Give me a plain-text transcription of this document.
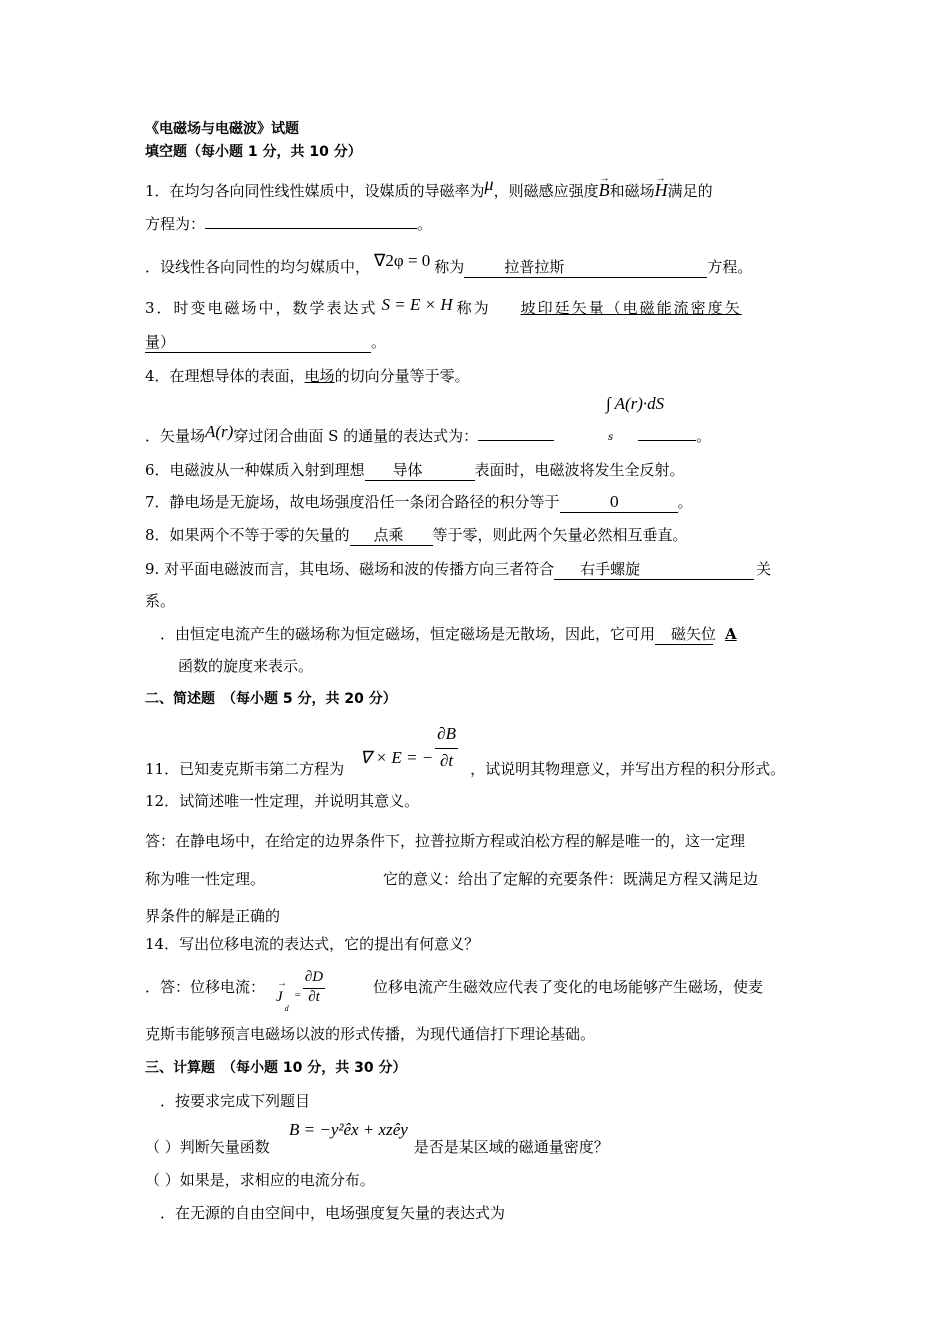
《电磁场与电磁波》试题
填空题（每小题 1 分，共 10 分）
1．在均匀各向同性线性媒质中，设媒质的导磁率为μ，则磁感应强度→ B和磁场→ H满足的
方程为：	。
．设线性各向同性的均匀媒质中， ∇2φ = 0 称为	拉普拉斯	方程。
3．时变电磁场中，数学表达式 S = E × H 称为 坡印廷矢量（电磁能流密度矢
量）	。
4．在理想导体的表面，电场的切向分量等于零。
∫ A(r)·dS
s
．矢量场A(r)穿过闭合曲面 S 的通量的表达式为：	。
6．电磁波从一种媒质入射到理想 导体	表面时，电磁波将发生全反射。
7．静电场是无旋场，故电场强度沿任一条闭合路径的积分等于	0	。
8．如果两个不等于零的矢量的 点乘 等于零，则此两个矢量必然相互垂直。
9. 对平面电磁波而言，其电场、磁场和波的传播方向三者符合 右手螺旋	关
系。
．由恒定电流产生的磁场称为恒定磁场，恒定磁场是无散场，因此，它可用 磁矢位 A
函数的旋度来表示。
二、简述题　（每小题 5 分，共 20 分）
∇ × E = − $\frac{\partial B}{\partial t}$
11．已知麦克斯韦第二方程为	，试说明其物理意义，并写出方程的积分形式。
12．试简述唯一性定理，并说明其意义。
答：在静电场中，在给定的边界条件下，拉普拉斯方程或泊松方程的解是唯一的，这一定理
称为唯一性定理。	它的意义：给出了定解的充要条件：既满足方程又满足边
界条件的解是正确的
14．写出位移电流的表达式，它的提出有何意义？
．答：位移电流：
→ $J_{d=} \frac{\partial D}{\partial t}$	位移电流产生磁效应代表了变化的电场能够产生磁场，使麦
克斯韦能够预言电磁场以波的形式传播，为现代通信打下理论基础。
三、计算题　（每小题 10 分，共 30 分）
．按要求完成下列题目
B = −y²êx + xzêy
（ ）判断矢量函数	是否是某区域的磁通量密度？
（ ）如果是，求相应的电流分布。
．在无源的自由空间中，电场强度复矢量的表达式为
